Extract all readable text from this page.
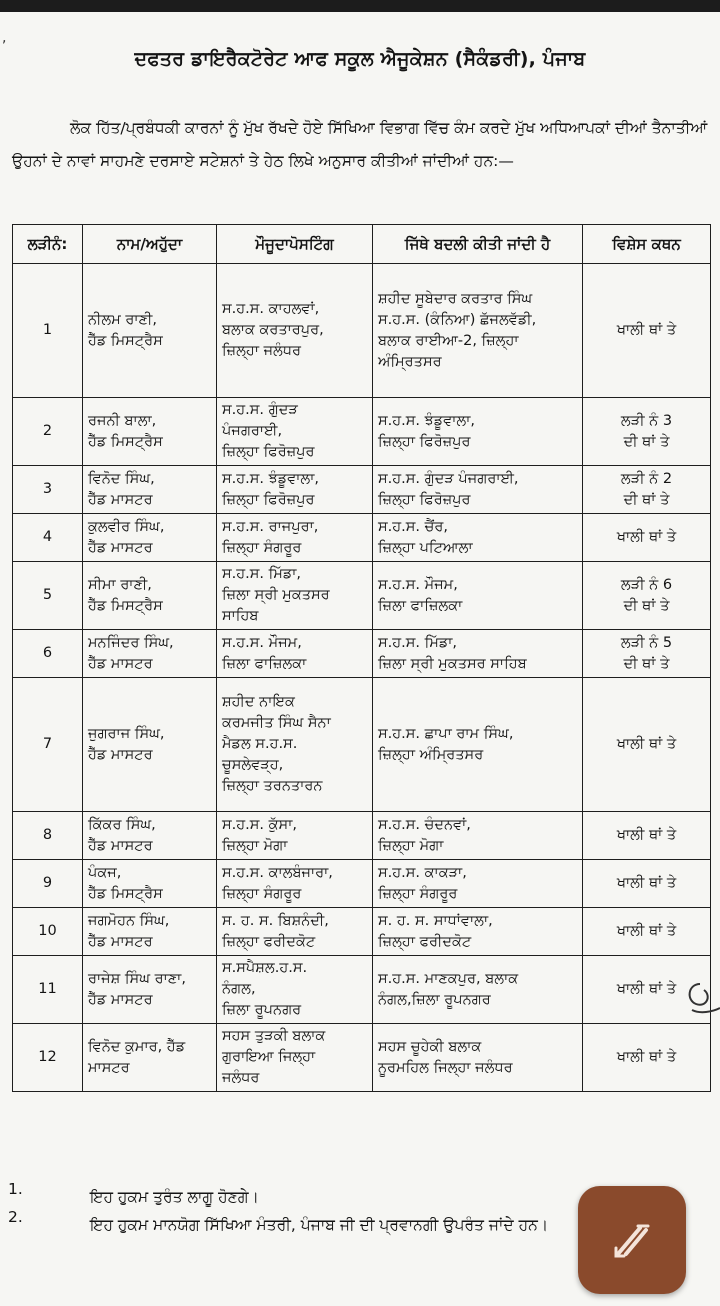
,
ਦਫਤਰ ਡਾਇਰੈਕਟੋਰੇਟ ਆਫ ਸਕੂਲ ਐਜੂਕੇਸ਼ਨ (ਸੈਕੰਡਰੀ), ਪੰਜਾਬ
ਲੋਕ ਹਿੱਤ/ਪ੍ਰਬੰਧਕੀ ਕਾਰਨਾਂ ਨੂੰ ਮੁੱਖ ਰੱਖਦੇ ਹੋਏ ਸਿੱਖਿਆ ਵਿਭਾਗ ਵਿੱਚ ਕੰਮ ਕਰਦੇ ਮੁੱਖ ਅਧਿਆਪਕਾਂ ਦੀਆਂ ਤੈਨਾਤੀਆਂ ਉਹਨਾਂ ਦੇ ਨਾਵਾਂ ਸਾਹਮਣੇ ਦਰਸਾਏ ਸਟੇਸ਼ਨਾਂ ਤੇ ਹੇਠ ਲਿਖੇ ਅਨੁਸਾਰ ਕੀਤੀਆਂ ਜਾਂਦੀਆਂ ਹਨ:—
ਲੜੀਨੰ:	ਨਾਮ/ਅਹੁੱਦਾ	ਮੌਜੂਦਾਪੋਸਟਿੰਗ	ਜਿੱਥੇ ਬਦਲੀ ਕੀਤੀ ਜਾਂਦੀ ਹੈ	ਵਿਸ਼ੇਸ ਕਥਨ
1	ਨੀਲਮ ਰਾਣੀ,
ਹੈੱਡ ਮਿਸਟ੍ਰੈਸ	ਸ.ਹ.ਸ. ਕਾਹਲਵਾਂ,
ਬਲਾਕ ਕਰਤਾਰਪੁਰ,
ਜ਼ਿਲ੍ਹਾ ਜਲੰਧਰ	ਸ਼ਹੀਦ ਸੂਬੇਦਾਰ ਕਰਤਾਰ ਸਿੰਘ
ਸ.ਹ.ਸ. (ਕੰਨਿਆ) ਛੱਜਲਵੱਡੀ,
ਬਲਾਕ ਰਾਈਆ-2, ਜ਼ਿਲ੍ਹਾ
ਅੰਮ੍ਰਿਤਸਰ	ਖਾਲੀ ਥਾਂ ਤੇ
2	ਰਜਨੀ ਬਾਲਾ,
ਹੈੱਡ ਮਿਸਟ੍ਰੈਸ	ਸ.ਹ.ਸ. ਗੁੰਦੜ
ਪੰਜਗਰਾਈ,
ਜ਼ਿਲ੍ਹਾ ਫਿਰੋਜ਼ਪੁਰ	ਸ.ਹ.ਸ. ਝੰਡੂਵਾਲਾ,
ਜ਼ਿਲ੍ਹਾ ਫਿਰੋਜ਼ਪੁਰ	ਲੜੀ ਨੰ 3
ਦੀ ਥਾਂ ਤੇ
3	ਵਿਨੋਦ ਸਿੰਘ,
ਹੈੱਡ ਮਾਸਟਰ	ਸ.ਹ.ਸ. ਝੰਡੂਵਾਲਾ,
ਜ਼ਿਲ੍ਹਾ ਫਿਰੋਜ਼ਪੁਰ	ਸ.ਹ.ਸ. ਗੁੰਦੜ ਪੰਜਗਰਾਈ,
ਜ਼ਿਲ੍ਹਾ ਫਿਰੋਜ਼ਪੁਰ	ਲੜੀ ਨੰ 2
ਦੀ ਥਾਂ ਤੇ
4	ਕੁਲਵੀਰ ਸਿੰਘ,
ਹੈੱਡ ਮਾਸਟਰ	ਸ.ਹ.ਸ. ਰਾਜਪੁਰਾ,
ਜ਼ਿਲ੍ਹਾ ਸੰਗਰੂਰ	ਸ.ਹ.ਸ. ਚੈਂਰ,
ਜ਼ਿਲ੍ਹਾ ਪਟਿਆਲਾ	ਖਾਲੀ ਥਾਂ ਤੇ
5	ਸੀਮਾ ਰਾਣੀ,
ਹੈੱਡ ਮਿਸਟ੍ਰੈਸ	ਸ.ਹ.ਸ. ਮਿੱਡਾ,
ਜ਼ਿਲਾ ਸ੍ਰੀ ਮੁਕਤਸਰ
ਸਾਹਿਬ	ਸ.ਹ.ਸ. ਮੌਜਮ,
ਜ਼ਿਲਾ ਫਾਜ਼ਿਲਕਾ	ਲੜੀ ਨੰ 6
ਦੀ ਥਾਂ ਤੇ
6	ਮਨਜਿੰਦਰ ਸਿੰਘ,
ਹੈੱਡ ਮਾਸਟਰ	ਸ.ਹ.ਸ. ਮੌਜਮ,
ਜ਼ਿਲਾ ਫਾਜ਼ਿਲਕਾ	ਸ.ਹ.ਸ. ਮਿੱਡਾ,
ਜ਼ਿਲਾ ਸ੍ਰੀ ਮੁਕਤਸਰ ਸਾਹਿਬ	ਲੜੀ ਨੰ 5
ਦੀ ਥਾਂ ਤੇ
7	ਜੁਗਰਾਜ ਸਿੰਘ,
ਹੈੱਡ ਮਾਸਟਰ	ਸ਼ਹੀਦ ਨਾਇਕ
ਕਰਮਜੀਤ ਸਿੰਘ ਸੈਨਾ
ਮੈਡਲ ਸ.ਹ.ਸ.
ਚੂਸਲੇਵੜ੍ਹ,
ਜ਼ਿਲ੍ਹਾ ਤਰਨਤਾਰਨ	ਸ.ਹ.ਸ. ਛਾਪਾ ਰਾਮ ਸਿੰਘ,
ਜ਼ਿਲ੍ਹਾ ਅੰਮ੍ਰਿਤਸਰ	ਖਾਲੀ ਥਾਂ ਤੇ
8	ਕਿੱਕਰ ਸਿੰਘ,
ਹੈੱਡ ਮਾਸਟਰ	ਸ.ਹ.ਸ. ਕੁੱਸਾ,
ਜ਼ਿਲ੍ਹਾ ਮੋਗਾ	ਸ.ਹ.ਸ. ਚੰਦਨਵਾਂ,
ਜ਼ਿਲ੍ਹਾ ਮੋਗਾ	ਖਾਲੀ ਥਾਂ ਤੇ
9	ਪੰਕਜ,
ਹੈੱਡ ਮਿਸਟ੍ਰੈਸ	ਸ.ਹ.ਸ. ਕਾਲਬੰਜਾਰਾ,
ਜ਼ਿਲ੍ਹਾ ਸੰਗਰੂਰ	ਸ.ਹ.ਸ. ਕਾਕੜਾ,
ਜ਼ਿਲ੍ਹਾ ਸੰਗਰੂਰ	ਖਾਲੀ ਥਾਂ ਤੇ
10	ਜਗਮੋਹਨ ਸਿੰਘ,
ਹੈੱਡ ਮਾਸਟਰ	ਸ. ਹ. ਸ. ਬਿਸ਼ਨੰਦੀ,
ਜ਼ਿਲ੍ਹਾ ਫਰੀਦਕੋਟ	ਸ. ਹ. ਸ. ਸਾਧਾਂਵਾਲਾ,
ਜ਼ਿਲ੍ਹਾ ਫਰੀਦਕੋਟ	ਖਾਲੀ ਥਾਂ ਤੇ
11	ਰਾਜੇਸ਼ ਸਿੰਘ ਰਾਣਾ,
ਹੈੱਡ ਮਾਸਟਰ	ਸ.ਸਪੈਸ਼ਲ.ਹ.ਸ.
ਨੰਗਲ,
ਜ਼ਿਲਾ ਰੂਪਨਗਰ	ਸ.ਹ.ਸ. ਮਾਣਕਪੁਰ, ਬਲਾਕ
ਨੰਗਲ,ਜ਼ਿਲਾ ਰੂਪਨਗਰ	ਖਾਲੀ ਥਾਂ ਤੇ
12	ਵਿਨੋਦ ਕੁਮਾਰ, ਹੈੱਡ
ਮਾਸਟਰ	ਸਹਸ ਤੁੜਕੀ ਬਲਾਕ
ਗੁਰਾਇਆ ਜਿਲ੍ਹਾ
ਜਲੰਧਰ	ਸਹਸ ਚੂਹੇਕੀ ਬਲਾਕ
ਨੂਰਮਹਿਲ ਜਿਲ੍ਹਾ ਜਲੰਧਰ	ਖਾਲੀ ਥਾਂ ਤੇ
1.	ਇਹ ਹੁਕਮ ਤੁਰੰਤ ਲਾਗੂ ਹੋਣਗੇ।
2.	ਇਹ ਹੁਕਮ ਮਾਨਯੋਗ ਸਿੱਖਿਆ ਮੰਤਰੀ, ਪੰਜਾਬ ਜੀ ਦੀ ਪ੍ਰਵਾਨਗੀ ਉਪਰੰਤ ਜਾਂਦੇ ਹਨ।
